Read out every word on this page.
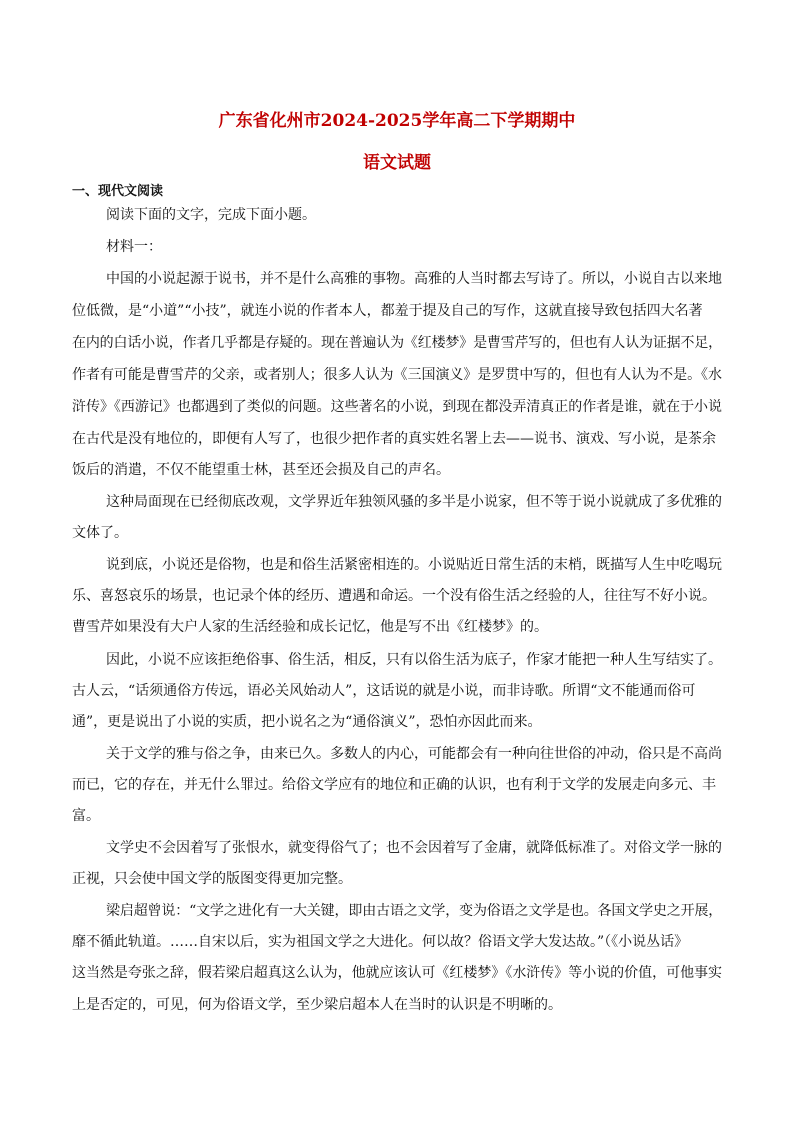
广东省化州市2024-2025学年高二下学期期中
语文试题
一、现代文阅读
阅读下面的文字，完成下面小题。
材料一：
中国的小说起源于说书，并不是什么高雅的事物。高雅的人当时都去写诗了。所以，小说自古以来地
位低微，是“小道”“小技”，就连小说的作者本人，都羞于提及自己的写作，这就直接导致包括四大名著
在内的白话小说，作者几乎都是存疑的。现在普遍认为《红楼梦》是曹雪芹写的，但也有人认为证据不足，
作者有可能是曹雪芹的父亲，或者别人；很多人认为《三国演义》是罗贯中写的，但也有人认为不是。《水
浒传》《西游记》也都遇到了类似的问题。这些著名的小说，到现在都没弄清真正的作者是谁，就在于小说
在古代是没有地位的，即便有人写了，也很少把作者的真实姓名署上去——说书、演戏、写小说，是茶余
饭后的消遣，不仅不能望重士林，甚至还会损及自己的声名。
这种局面现在已经彻底改观，文学界近年独领风骚的多半是小说家，但不等于说小说就成了多优雅的
文体了。
说到底，小说还是俗物，也是和俗生活紧密相连的。小说贴近日常生活的末梢，既描写人生中吃喝玩
乐、喜怒哀乐的场景，也记录个体的经历、遭遇和命运。一个没有俗生活之经验的人，往往写不好小说。
曹雪芹如果没有大户人家的生活经验和成长记忆，他是写不出《红楼梦》的。
因此，小说不应该拒绝俗事、俗生活，相反，只有以俗生活为底子，作家才能把一种人生写结实了。
古人云，“话须通俗方传远，语必关风始动人”，这话说的就是小说，而非诗歌。所谓“文不能通而俗可
通”，更是说出了小说的实质，把小说名之为“通俗演义”，恐怕亦因此而来。
关于文学的雅与俗之争，由来已久。多数人的内心，可能都会有一种向往世俗的冲动，俗只是不高尚
而已，它的存在，并无什么罪过。给俗文学应有的地位和正确的认识，也有利于文学的发展走向多元、丰
富。
文学史不会因着写了张恨水，就变得俗气了；也不会因着写了金庸，就降低标准了。对俗文学一脉的
正视，只会使中国文学的版图变得更加完整。
梁启超曾说：“文学之进化有一大关键，即由古语之文学，变为俗语之文学是也。各国文学史之开展，
靡不循此轨道。……自宋以后，实为祖国文学之大进化。何以故？俗语文学大发达故。”（《小说丛话》
这当然是夸张之辞，假若梁启超真这么认为，他就应该认可《红楼梦》《水浒传》等小说的价值，可他事实
上是否定的，可见，何为俗语文学，至少梁启超本人在当时的认识是不明晰的。
